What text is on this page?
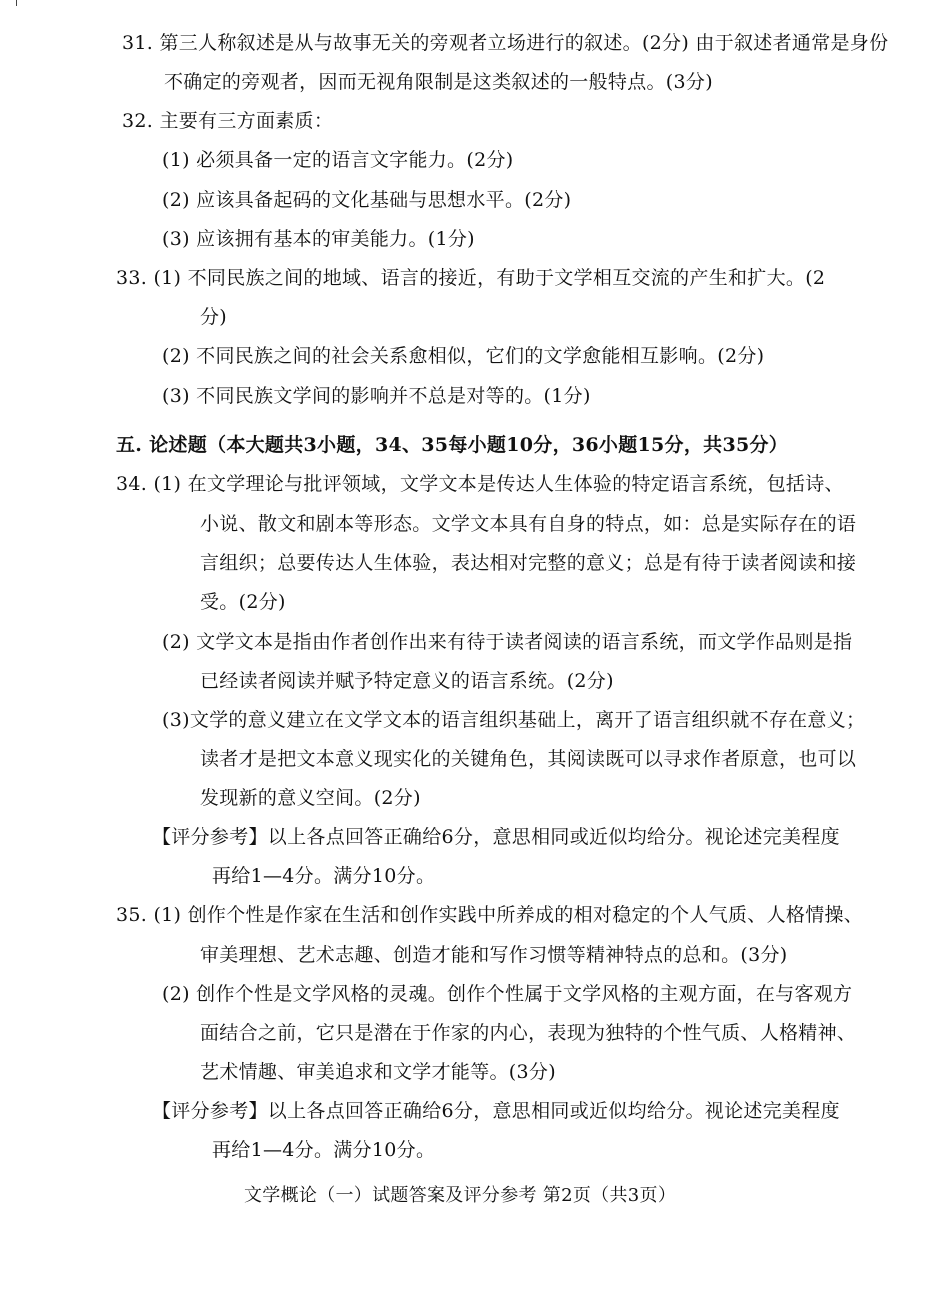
31. 第三人称叙述是从与故事无关的旁观者立场进行的叙述。(2分) 由于叙述者通常是身份
不确定的旁观者，因而无视角限制是这类叙述的一般特点。(3分)
32. 主要有三方面素质：
(1) 必须具备一定的语言文字能力。(2分)
(2) 应该具备起码的文化基础与思想水平。(2分)
(3) 应该拥有基本的审美能力。(1分)
33. (1) 不同民族之间的地域、语言的接近，有助于文学相互交流的产生和扩大。(2
分)
(2) 不同民族之间的社会关系愈相似，它们的文学愈能相互影响。(2分)
(3) 不同民族文学间的影响并不总是对等的。(1分)
五. 论述题（本大题共3小题，34、35每小题10分，36小题15分，共35分）
34. (1) 在文学理论与批评领域，文学文本是传达人生体验的特定语言系统，包括诗、
小说、散文和剧本等形态。文学文本具有自身的特点，如：总是实际存在的语
言组织；总要传达人生体验，表达相对完整的意义；总是有待于读者阅读和接
受。(2分)
(2) 文学文本是指由作者创作出来有待于读者阅读的语言系统，而文学作品则是指
已经读者阅读并赋予特定意义的语言系统。(2分)
(3)文学的意义建立在文学文本的语言组织基础上，离开了语言组织就不存在意义；
读者才是把文本意义现实化的关键角色，其阅读既可以寻求作者原意，也可以
发现新的意义空间。(2分)
【评分参考】以上各点回答正确给6分，意思相同或近似均给分。视论述完美程度
再给1—4分。满分10分。
35. (1) 创作个性是作家在生活和创作实践中所养成的相对稳定的个人气质、人格情操、
审美理想、艺术志趣、创造才能和写作习惯等精神特点的总和。(3分)
(2) 创作个性是文学风格的灵魂。创作个性属于文学风格的主观方面，在与客观方
面结合之前，它只是潜在于作家的内心，表现为独特的个性气质、人格精神、
艺术情趣、审美追求和文学才能等。(3分)
【评分参考】以上各点回答正确给6分，意思相同或近似均给分。视论述完美程度
再给1—4分。满分10分。
文学概论（一）试题答案及评分参考 第2页（共3页）
